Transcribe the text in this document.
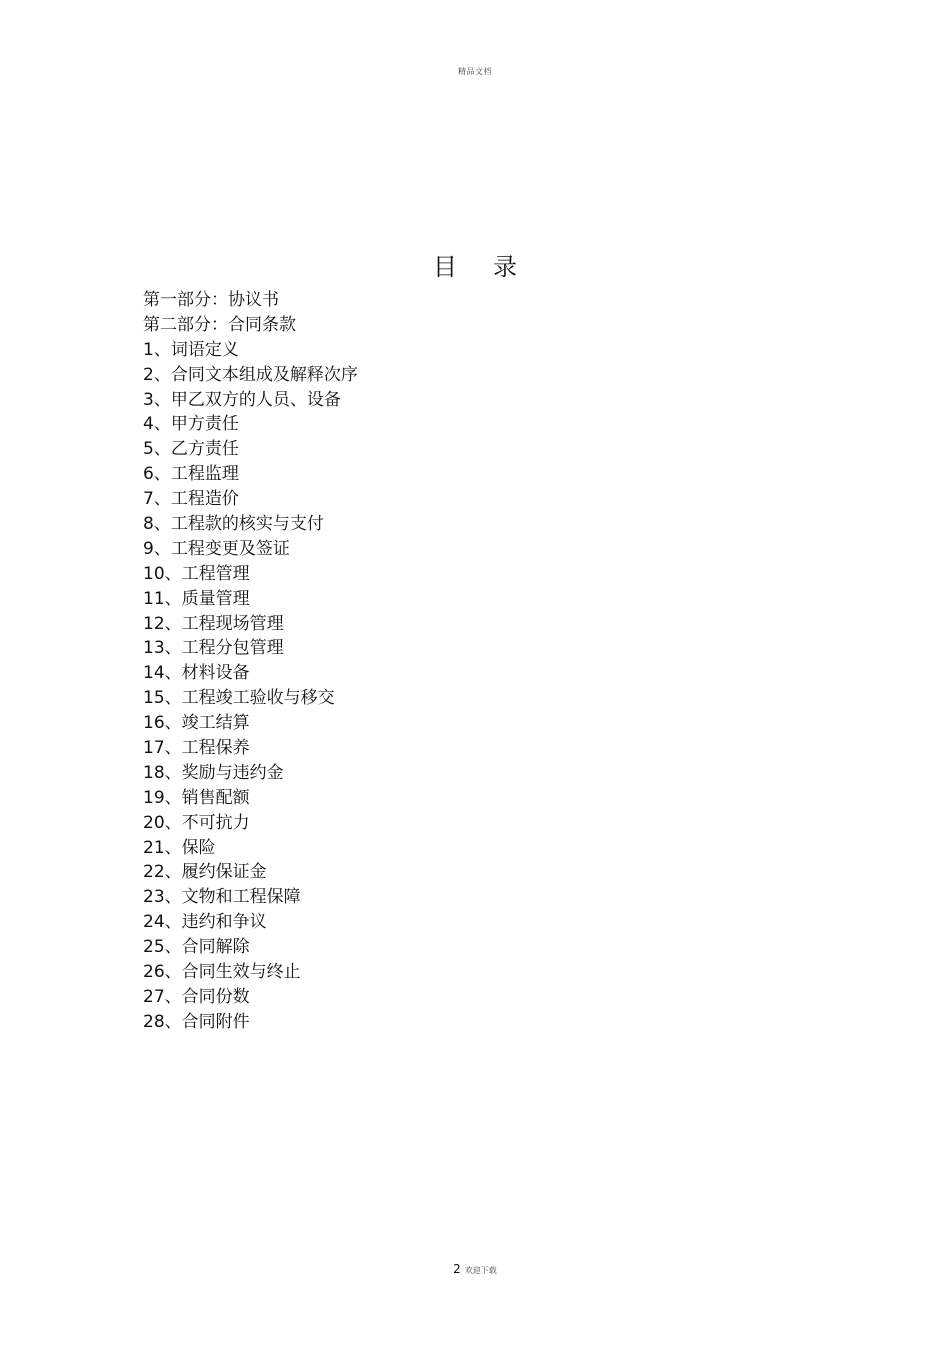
精品文档
目录
第一部分：协议书
第二部分：合同条款
1、词语定义
2、合同文本组成及解释次序
3、甲乙双方的人员、设备
4、甲方责任
5、乙方责任
6、工程监理
7、工程造价
8、工程款的核实与支付
9、工程变更及签证
10、工程管理
11、质量管理
12、工程现场管理
13、工程分包管理
14、材料设备
15、工程竣工验收与移交
16、竣工结算
17、工程保养
18、奖励与违约金
19、销售配额
20、不可抗力
21、保险
22、履约保证金
23、文物和工程保障
24、违约和争议
25、合同解除
26、合同生效与终止
27、合同份数
28、合同附件
2 欢迎下载
